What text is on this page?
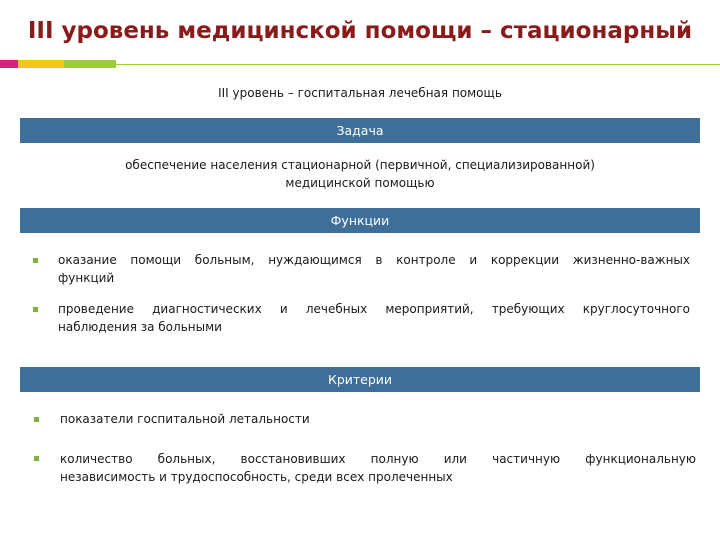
III уровень медицинской помощи – стационарный
III уровень – госпитальная лечебная помощь
Задача
обеспечение населения стационарной (первичной, специализированной)
медицинской помощью
Функции
оказание помощи больным, нуждающимся в контроле и коррекции жизненно-важных
функций
проведение диагностических и лечебных мероприятий, требующих круглосуточного
наблюдения за больными
Критерии
показатели госпитальной летальности
количество больных, восстановивших полную или частичную функциональную
независимость и трудоспособность, среди всех пролеченных
